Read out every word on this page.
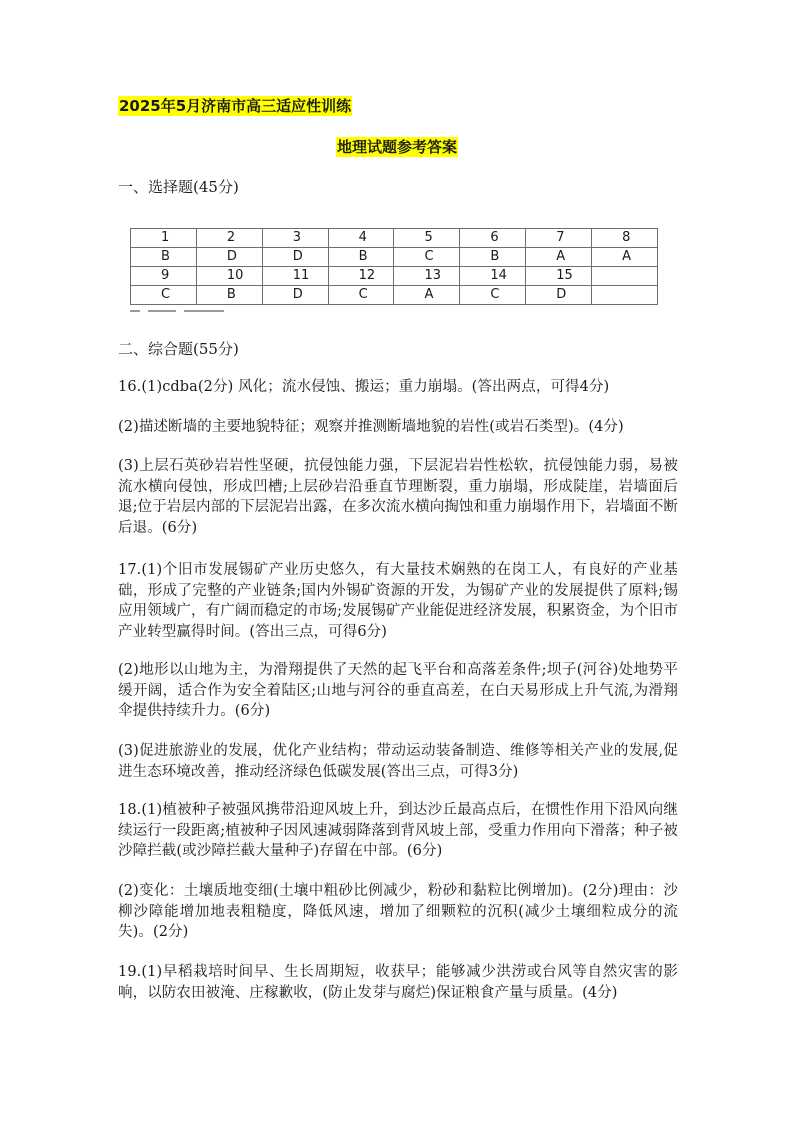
2025年5月济南市高三适应性训练
地理试题参考答案
一、选择题(45分)
1	2	3	4	5	6	7	8
B	D	D	B	C	B	A	A
9	10	11	12	13	14	15	
C	B	D	C	A	C	D	
二、综合题(55分)
16.(1)cdba(2分) 风化；流水侵蚀、搬运；重力崩塌。(答出两点，可得4分)
(2)描述断墙的主要地貌特征；观察并推测断墙地貌的岩性(或岩石类型)。(4分)
(3)上层石英砂岩岩性坚硬，抗侵蚀能力强，下层泥岩岩性松软，抗侵蚀能力弱，易被流水横向侵蚀，形成凹槽;上层砂岩沿垂直节理断裂，重力崩塌，形成陡崖，岩墙面后退;位于岩层内部的下层泥岩出露，在多次流水横向掏蚀和重力崩塌作用下，岩墙面不断后退。(6分)
17.(1)个旧市发展锡矿产业历史悠久，有大量技术娴熟的在岗工人，有良好的产业基础，形成了完整的产业链条;国内外锡矿资源的开发，为锡矿产业的发展提供了原料;锡应用领域广，有广阔而稳定的市场;发展锡矿产业能促进经济发展，积累资金，为个旧市产业转型赢得时间。(答出三点，可得6分)
(2)地形以山地为主，为滑翔提供了天然的起飞平台和高落差条件;坝子(河谷)处地势平缓开阔，适合作为安全着陆区;山地与河谷的垂直高差，在白天易形成上升气流,为滑翔伞提供持续升力。(6分)
(3)促进旅游业的发展，优化产业结构；带动运动装备制造、维修等相关产业的发展,促进生态环境改善，推动经济绿色低碳发展(答出三点，可得3分)
18.(1)植被种子被强风携带沿迎风坡上升，到达沙丘最高点后，在惯性作用下沿风向继续运行一段距离;植被种子因风速减弱降落到背风坡上部，受重力作用向下滑落；种子被沙障拦截(或沙障拦截大量种子)存留在中部。(6分)
(2)变化：土壤质地变细(土壤中粗砂比例减少，粉砂和黏粒比例增加)。(2分)理由：沙柳沙障能增加地表粗糙度，降低风速，增加了细颗粒的沉积(减少土壤细粒成分的流失)。(2分)
19.(1)早稻栽培时间早、生长周期短，收获早；能够减少洪涝或台风等自然灾害的影响，以防农田被淹、庄稼歉收，(防止发芽与腐烂)保证粮食产量与质量。(4分)
